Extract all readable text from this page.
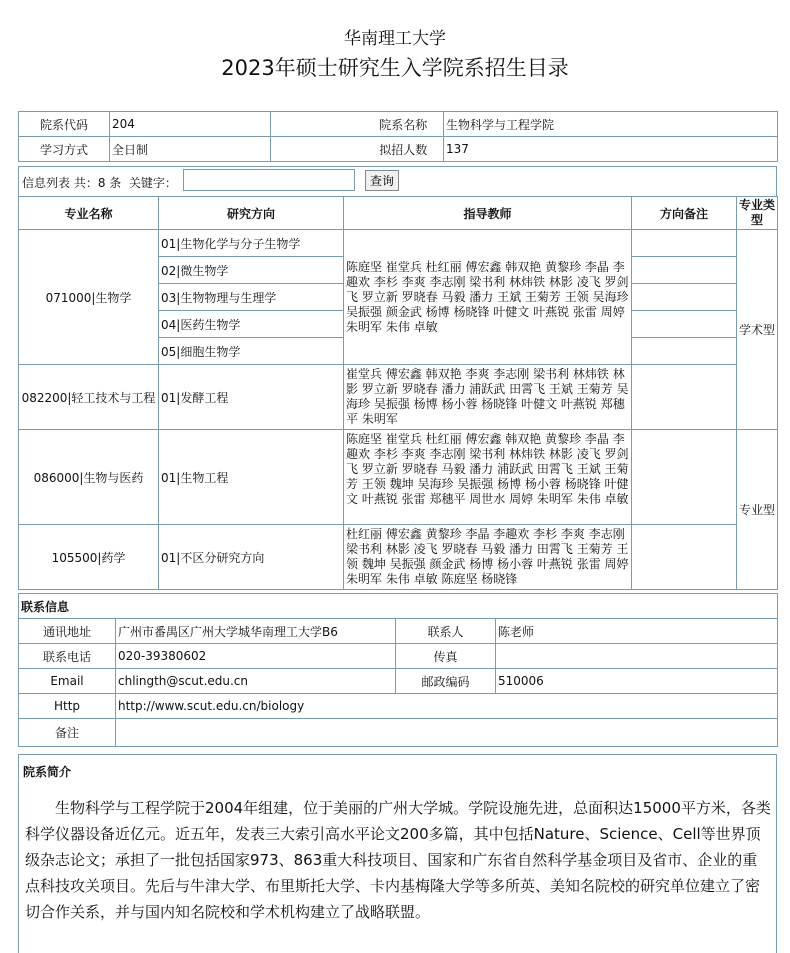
华南理工大学
2023年硕士研究生入学院系招生目录
院系代码	204		院系名称	生物科学与工程学院
学习方式	全日制		拟招人数	137
信息列表 共：8 条 关键字：	查询
专业名称	研究方向	指导教师	方向备注	专业类型
071000|生物学	01|生物化学与分子生物学	陈庭坚 崔堂兵 杜红丽 傅宏鑫 韩双艳 黄黎珍 李晶 李趣欢 李杉 李爽 李志刚 梁书利 林炜铁 林影 凌飞 罗剑飞 罗立新 罗晓春 马毅 潘力 王斌 王菊芳 王领 吴海珍 吴振强 颜金武 杨博 杨晓锋 叶健文 叶燕锐 张雷 周婷 朱明军 朱伟 卓敏		学术型
	02|微生物学			
	03|生物物理与生理学			
	04|医药生物学			
	05|细胞生物学			
082200|轻工技术与工程	01|发酵工程	崔堂兵 傅宏鑫 韩双艳 李爽 李志刚 梁书利 林炜铁 林影 罗立新 罗晓春 潘力 浦跃武 田霄飞 王斌 王菊芳 吴海珍 吴振强 杨博 杨小蓉 杨晓锋 叶健文 叶燕锐 郑穗平 朱明军		
086000|生物与医药	01|生物工程	陈庭坚 崔堂兵 杜红丽 傅宏鑫 韩双艳 黄黎珍 李晶 李趣欢 李杉 李爽 李志刚 梁书利 林炜铁 林影 凌飞 罗剑飞 罗立新 罗晓春 马毅 潘力 浦跃武 田霄飞 王斌 王菊芳 王领 魏坤 吴海珍 吴振强 杨博 杨小蓉 杨晓锋 叶健文 叶燕锐 张雷 郑穗平 周世水 周婷 朱明军 朱伟 卓敏		专业型
105500|药学	01|不区分研究方向	杜红丽 傅宏鑫 黄黎珍 李晶 李趣欢 李杉 李爽 李志刚 梁书利 林影 凌飞 罗晓春 马毅 潘力 田霄飞 王菊芳 王领 魏坤 吴振强 颜金武 杨博 杨小蓉 叶燕锐 张雷 周婷 朱明军 朱伟 卓敏 陈庭坚 杨晓锋		
联系信息			
通讯地址	广州市番禺区广州大学城华南理工大学B6	联系人	陈老师
联系电话	020-39380602	传真	
Email	chlingth@scut.edu.cn	邮政编码	510006
Http	http://www.scut.edu.cn/biology		
备注			
院系简介
生物科学与工程学院于2004年组建，位于美丽的广州大学城。学院设施先进，总面积达15000平方米，各类科学仪器设备近亿元。近五年，发表三大索引高水平论文200多篇，其中包括Nature、Science、Cell等世界顶级杂志论文；承担了一批包括国家973、863重大科技项目、国家和广东省自然科学基金项目及省市、企业的重点科技攻关项目。先后与牛津大学、布里斯托大学、卡内基梅隆大学等多所英、美知名院校的研究单位建立了密切合作关系，并与国内知名院校和学术机构建立了战略联盟。
